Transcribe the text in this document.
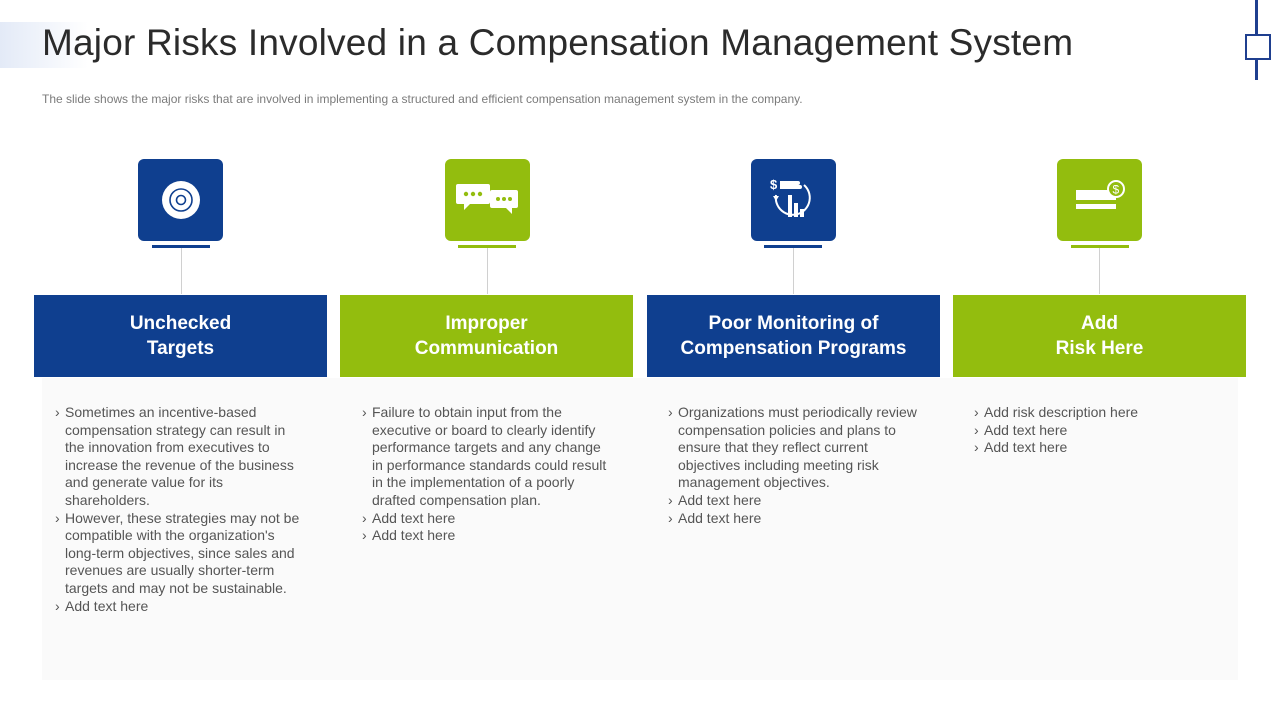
Major Risks Involved in a Compensation Management System

The slide shows the major risks that are involved in implementing a structured and efficient compensation management system in the company.

Unchecked
Targets
› Sometimes an incentive-based compensation strategy can result in the innovation from executives to increase the revenue of the business and generate value for its shareholders.
› However, these strategies may not be compatible with the organization's long-term objectives, since sales and revenues are usually shorter-term targets and may not be sustainable.
› Add text here
Improper
Communication
› Failure to obtain input from the executive or board to clearly identify performance targets and any change in performance standards could result in the implementation of a poorly drafted compensation plan.
› Add text here
› Add text here
$
Poor Monitoring of
Compensation Programs
› Organizations must periodically review compensation policies and plans to ensure that they reflect current objectives including meeting risk management objectives.
› Add text here
› Add text here
$
Add
Risk Here
› Add risk description here
› Add text here
› Add text here
